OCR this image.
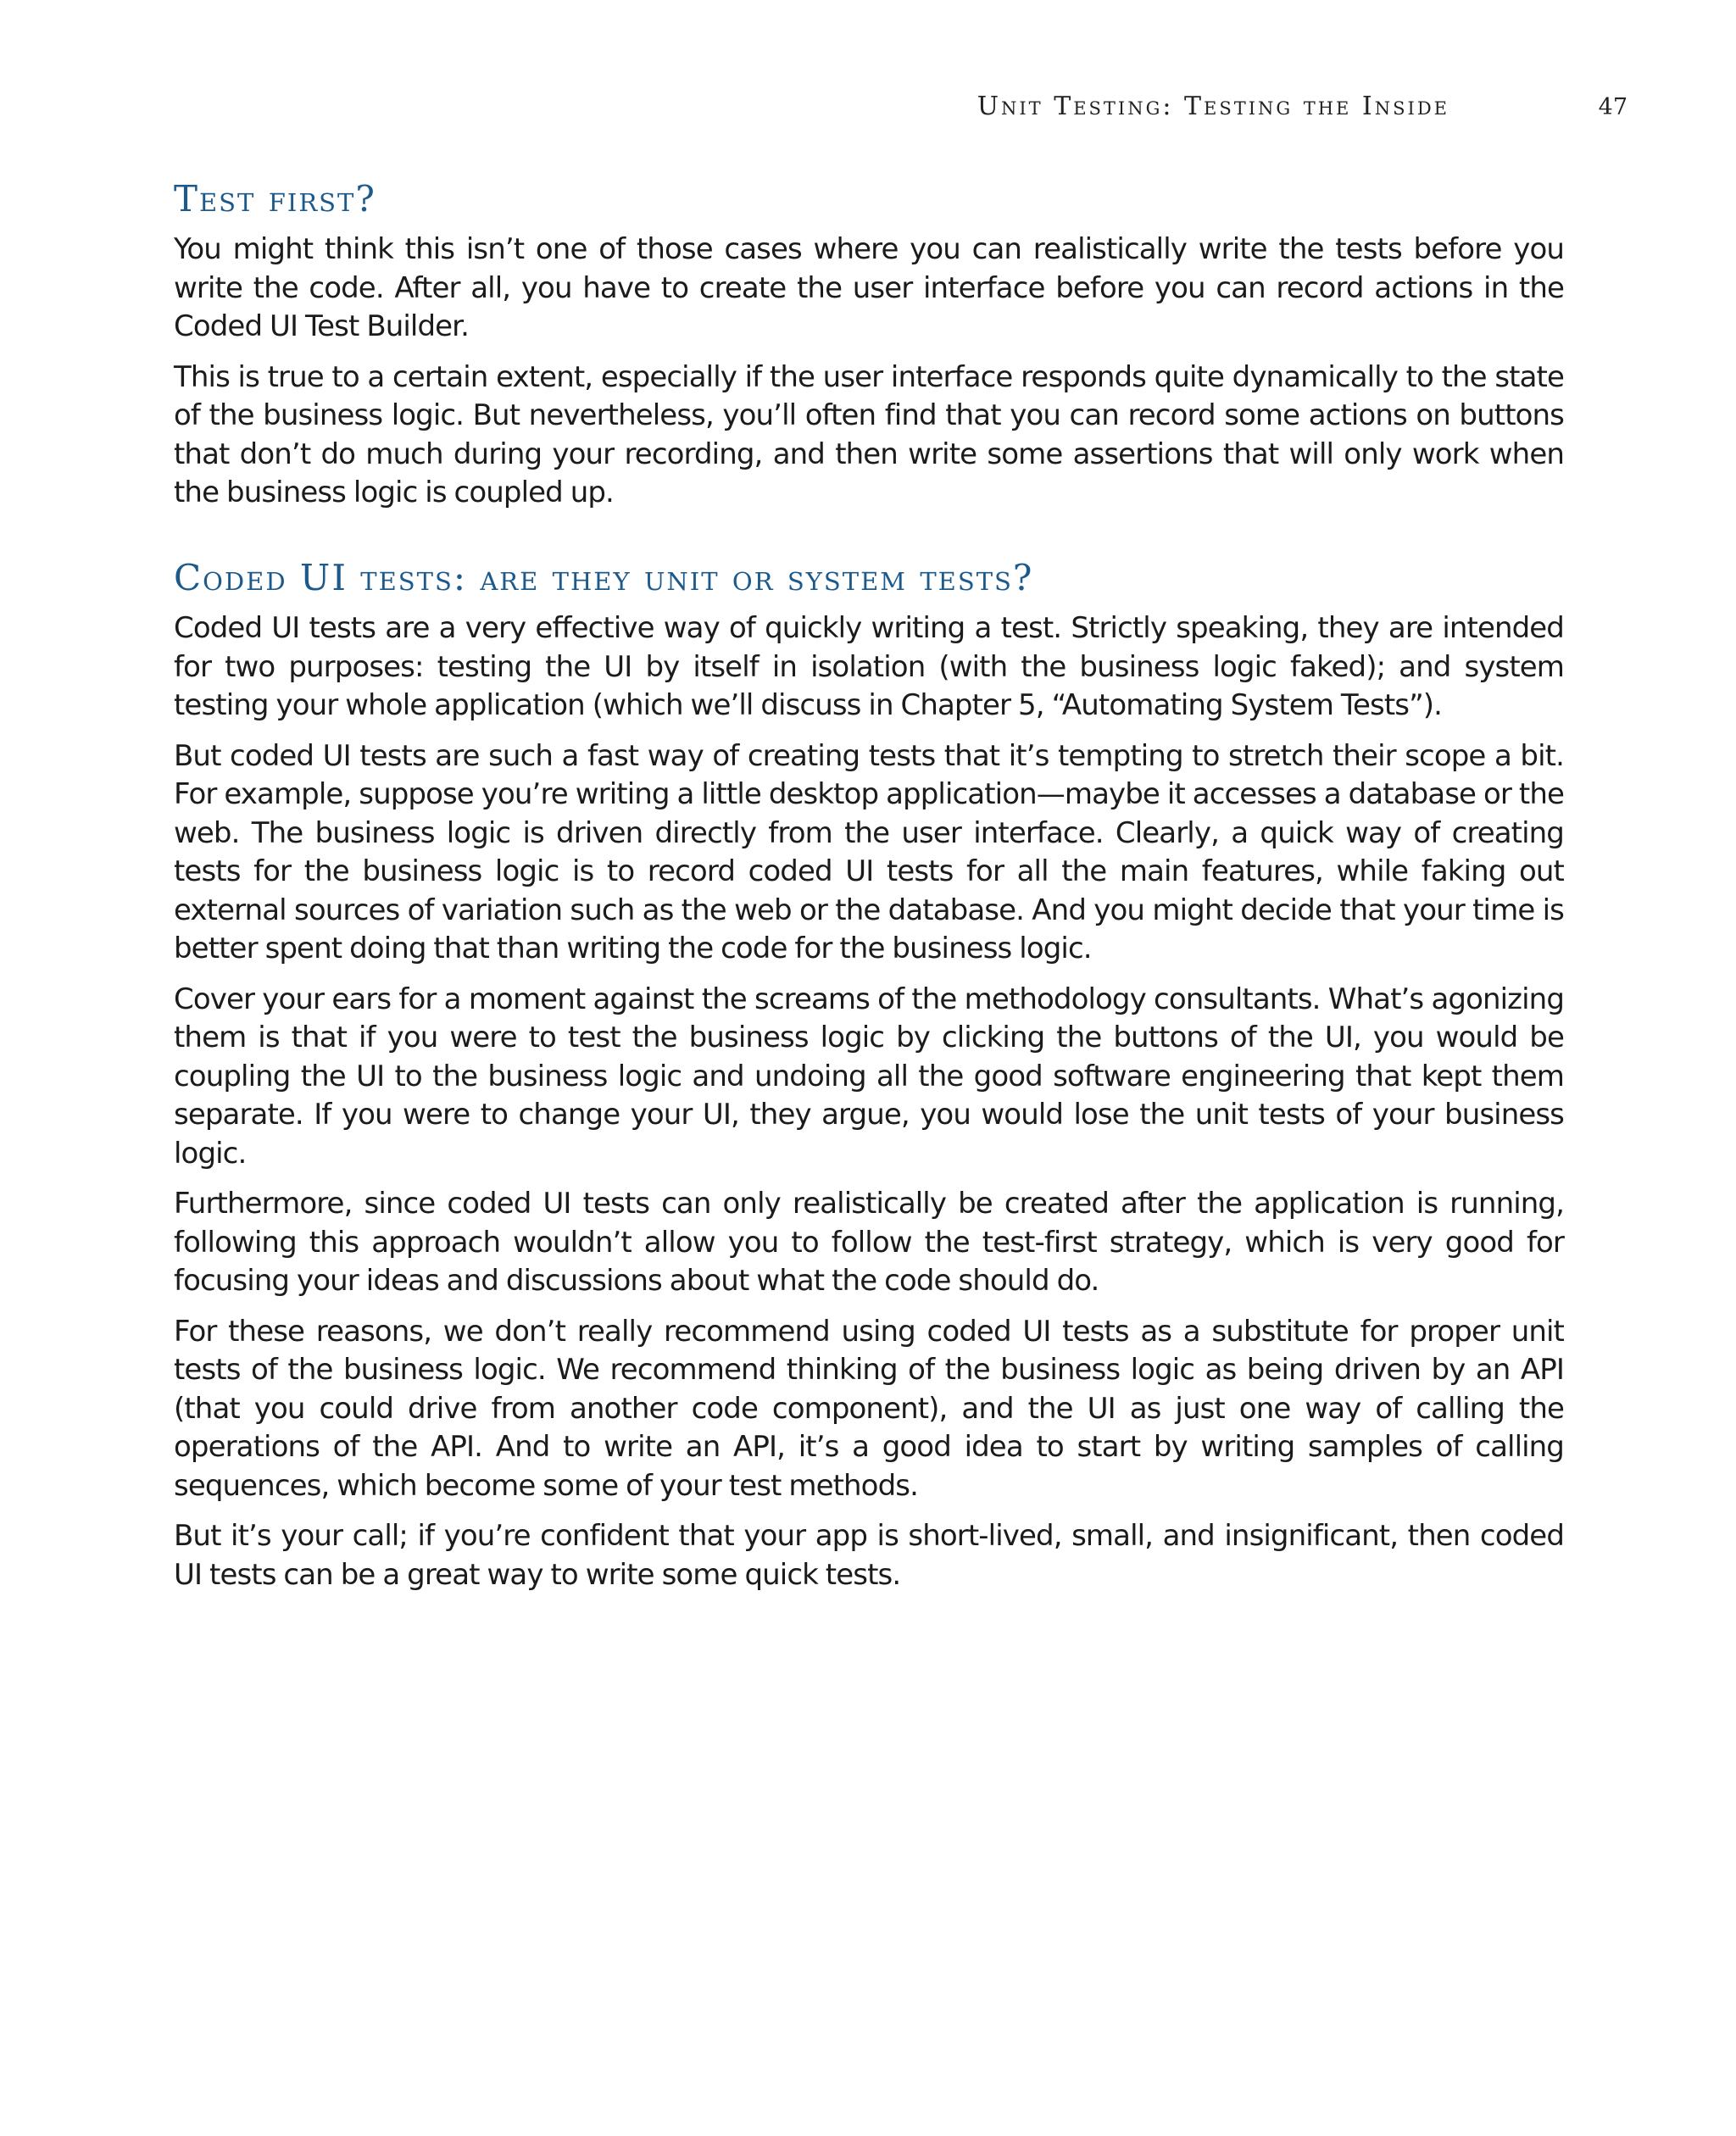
Unit Testing: Testing the Inside	47
Test first?

You might think this isn’t one of those cases where you can realistically write the tests before you write the code. After all, you have to create the user interface before you can record actions in the Coded UI Test Builder.

This is true to a certain extent, especially if the user interface responds quite dynamically to the state of the business logic. But nevertheless, you’ll often find that you can record some actions on buttons that don’t do much during your recording, and then write some assertions that will only work when the business logic is coupled up.

Coded UI tests: are they unit or system tests?

Coded UI tests are a very effective way of quickly writing a test. Strictly speaking, they are intended for two purposes: testing the UI by itself in isolation (with the business logic faked); and system testing your whole application (which we’ll discuss in Chapter 5, “Automating System Tests”).

But coded UI tests are such a fast way of creating tests that it’s tempting to stretch their scope a bit. For example, suppose you’re writing a little desktop application—maybe it accesses a database or the web. The business logic is driven directly from the user interface. Clearly, a quick way of creating tests for the business logic is to record coded UI tests for all the main features, while faking out external sources of variation such as the web or the database. And you might decide that your time is better spent doing that than writing the code for the business logic.

Cover your ears for a moment against the screams of the methodology consultants. What’s agonizing them is that if you were to test the business logic by clicking the buttons of the UI, you would be coupling the UI to the business logic and undoing all the good software engineering that kept them separate. If you were to change your UI, they argue, you would lose the unit tests of your business logic.

Furthermore, since coded UI tests can only realistically be created after the application is running, following this approach wouldn’t allow you to follow the test-first strategy, which is very good for focusing your ideas and discussions about what the code should do.

For these reasons, we don’t really recommend using coded UI tests as a substitute for proper unit tests of the business logic. We recommend thinking of the business logic as being driven by an API (that you could drive from another code component), and the UI as just one way of calling the operations of the API. And to write an API, it’s a good idea to start by writing samples of calling sequences, which become some of your test methods.

But it’s your call; if you’re confident that your app is short-lived, small, and insignificant, then coded UI tests can be a great way to write some quick tests.
